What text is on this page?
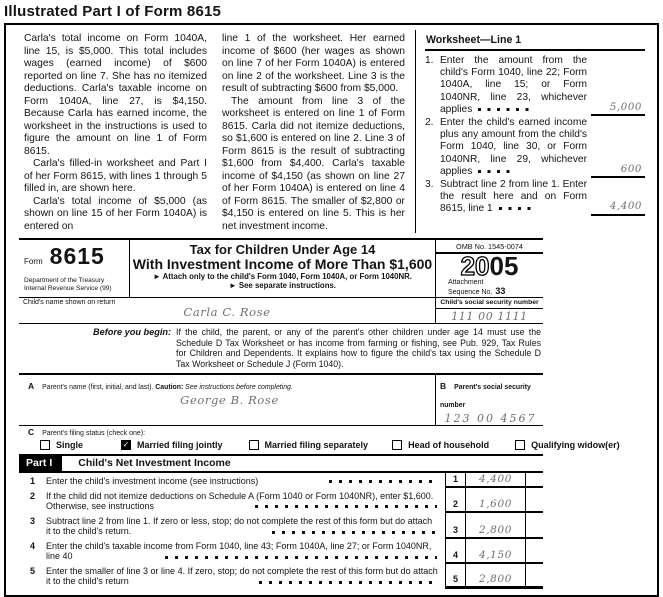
Illustrated Part I of Form 8615

Carla's total income on Form 1040A, line 15, is $5,000. This total includes wages (earned income) of $600 reported on line 7. She has no itemized deductions. Carla's taxable income on Form 1040A, line 27, is $4,150. Because Carla has earned income, the worksheet in the instructions is used to figure the amount on line 1 of Form 8615.

Carla's filled-in worksheet and Part I of her Form 8615, with lines 1 through 5 filled in, are shown here.

Carla's total income of $5,000 (as shown on line 15 of her Form 1040A) is entered on

line 1 of the worksheet. Her earned income of $600 (her wages as shown on line 7 of her Form 1040A) is entered on line 2 of the worksheet. Line 3 is the result of subtracting $600 from $5,000.

The amount from line 3 of the worksheet is entered on line 1 of Form 8615. Carla did not itemize deductions, so $1,600 is entered on line 2. Line 3 of Form 8615 is the result of subtracting $1,600 from $4,400. Carla's taxable income of $4,150 (as shown on line 27 of her Form 1040A) is entered on line 4 of Form 8615. The smaller of $2,800 or $4,150 is entered on line 5. This is her net investment income.

Worksheet—Line 1
1. Enter the amount from the child's Form 1040, line 22; Form 1040A, line 15; or Form 1040NR, line 23, whichever applies	5,000
2. Enter the child's earned income plus any amount from the child's Form 1040, line 30, or Form 1040NR, line 29, whichever applies	600
3. Subtract line 2 from line 1. Enter the result here and on Form 8615, line 1	4,400
Form 8615
Department of the Treasury
Internal Revenue Service (99)
Tax for Children Under Age 14
With Investment Income of More Than $1,600
► Attach only to the child's Form 1040, Form 1040A, or Form 1040NR.
► See separate instructions.
OMB No. 1545-0074
2005
Attachment
Sequence No. 33
Child's name shown on return
Carla C. Rose
Child's social security number
111 00 1111
Before you begin: If the child, the parent, or any of the parent's other children under age 14 must use the Schedule D Tax Worksheet or has income from farming or fishing, see Pub. 929, Tax Rules for Children and Dependents. It explains how to figure the child's tax using the Schedule D Tax Worksheet or Schedule J (Form 1040).
A Parent's name (first, initial, and last). Caution: See instructions before completing.
George B. Rose
B Parent's social security number
123 00 4567
C Parent's filing status (check one):
Single	✓ Married filing jointly	Married filing separately	Head of household	Qualifying widow(er)
Part I	Child's Net Investment Income
1	Enter the child's investment income (see instructions)	1	4,400
2	If the child did not itemize deductions on Schedule A (Form 1040 or Form 1040NR), enter $1,600. Otherwise, see instructions	2	1,600
3	Subtract line 2 from line 1. If zero or less, stop; do not complete the rest of this form but do attach it to the child's return.	3	2,800
4	Enter the child's taxable income from Form 1040, line 43; Form 1040A, line 27; or Form 1040NR, line 40	4	4,150
5	Enter the smaller of line 3 or line 4. If zero, stop; do not complete the rest of this form but do attach it to the child's return	5	2,800
